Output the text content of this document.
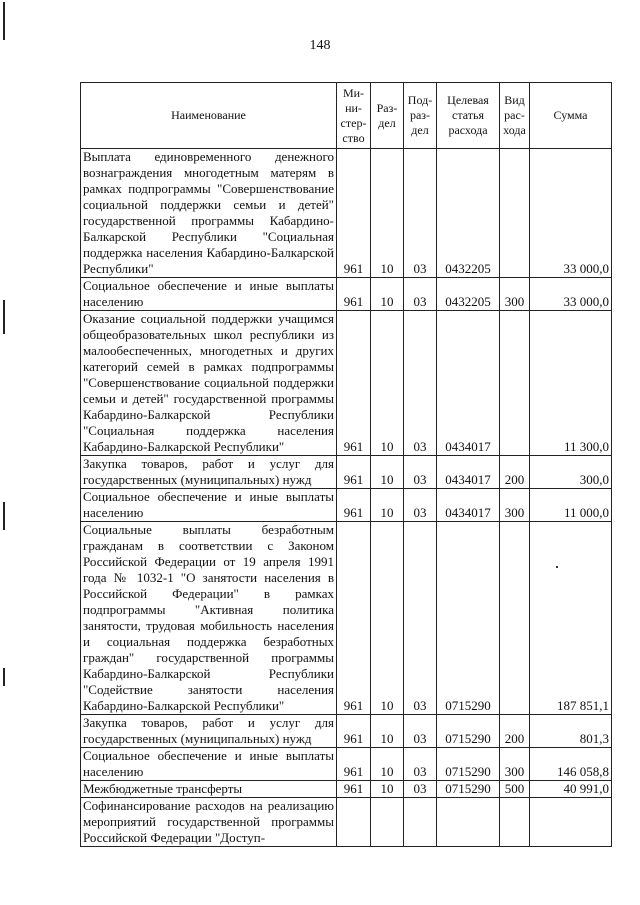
148
Наименование	Ми-ни-стер-ство	Раз-дел	Под-раз-дел	Целевая статья расхода	Вид рас-хода	Сумма
Выплата единовременного денежного вознаграждения многодетным матерям в рамках подпрограммы "Совершенствование социальной поддержки семьи и детей" государственной программы Кабардино-Балкарской Республики "Социальная поддержка населения Кабардино-Балкарской Республики"	961	10	03	0432205		33 000,0
Социальное обеспечение и иные выплаты населению	961	10	03	0432205	300	33 000,0
Оказание социальной поддержки учащимся общеобразовательных школ республики из малообеспеченных, многодетных и других категорий семей в рамках подпрограммы "Совершенствование социальной поддержки семьи и детей" государственной программы Кабардино-Балкарской Республики "Социальная поддержка населения Кабардино-Балкарской Республики"	961	10	03	0434017		11 300,0
Закупка товаров, работ и услуг для государственных (муниципальных) нужд	961	10	03	0434017	200	300,0
Социальное обеспечение и иные выплаты населению	961	10	03	0434017	300	11 000,0
Социальные выплаты безработным гражданам в соответствии с Законом Российской Федерации от 19 апреля 1991 года № 1032-1 "О занятости населения в Российской Федерации" в рамках подпрограммы "Активная политика занятости, трудовая мобильность населения и социальная поддержка безработных граждан" государственной программы Кабардино-Балкарской Республики "Содействие занятости населения Кабардино-Балкарской Республики"	961	10	03	0715290		187 851,1
Закупка товаров, работ и услуг для государственных (муниципальных) нужд	961	10	03	0715290	200	801,3
Социальное обеспечение и иные выплаты населению	961	10	03	0715290	300	146 058,8
Межбюджетные трансферты	961	10	03	0715290	500	40 991,0
Софинансирование расходов на реализацию мероприятий государственной программы Российской Федерации "Доступ-						
